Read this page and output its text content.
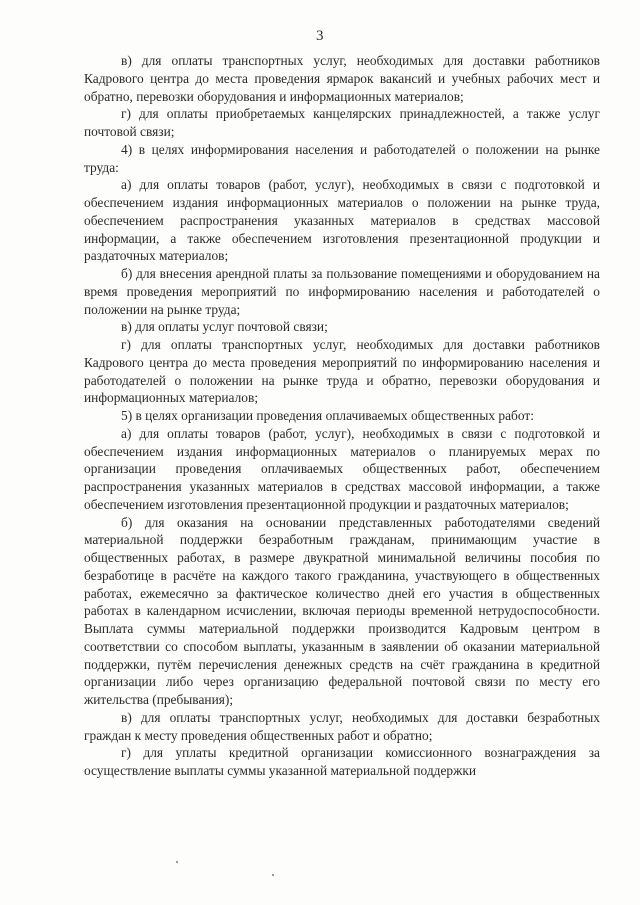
3

в) для оплаты транспортных услуг, необходимых для доставки работников Кадрового центра до места проведения ярмарок вакансий и учебных рабочих мест и обратно, перевозки оборудования и информационных материалов;

г) для оплаты приобретаемых канцелярских принадлежностей, а также услуг почтовой связи;

4) в целях информирования населения и работодателей о положении на рынке труда:

а) для оплаты товаров (работ, услуг), необходимых в связи с подготовкой и обеспечением издания информационных материалов о положении на рынке труда, обеспечением распространения указанных материалов в средствах массовой информации, а также обеспечением изготовления презентационной продукции и раздаточных материалов;

б) для внесения арендной платы за пользование помещениями и оборудованием на время проведения мероприятий по информированию населения и работодателей о положении на рынке труда;

в) для оплаты услуг почтовой связи;

г) для оплаты транспортных услуг, необходимых для доставки работников Кадрового центра до места проведения мероприятий по информированию населения и работодателей о положении на рынке труда и обратно, перевозки оборудования и информационных материалов;

5) в целях организации проведения оплачиваемых общественных работ:

а) для оплаты товаров (работ, услуг), необходимых в связи с подготовкой и обеспечением издания информационных материалов о планируемых мерах по организации проведения оплачиваемых общественных работ, обеспечением распространения указанных материалов в средствах массовой информации, а также обеспечением изготовления презентационной продукции и раздаточных материалов;

б) для оказания на основании представленных работодателями сведений материальной поддержки безработным гражданам, принимающим участие в общественных работах, в размере двукратной минимальной величины пособия по безработице в расчёте на каждого такого гражданина, участвующего в общественных работах, ежемесячно за фактическое количество дней его участия в общественных работах в календарном исчислении, включая периоды временной нетрудоспособности. Выплата суммы материальной поддержки производится Кадровым центром в соответствии со способом выплаты, указанным в заявлении об оказании материальной поддержки, путём перечисления денежных средств на счёт гражданина в кредитной организации либо через организацию федеральной почтовой связи по месту его жительства (пребывания);

в) для оплаты транспортных услуг, необходимых для доставки безработных граждан к месту проведения общественных работ и обратно;

г) для уплаты кредитной организации комиссионного вознаграждения за осуществление выплаты суммы указанной материальной поддержки
